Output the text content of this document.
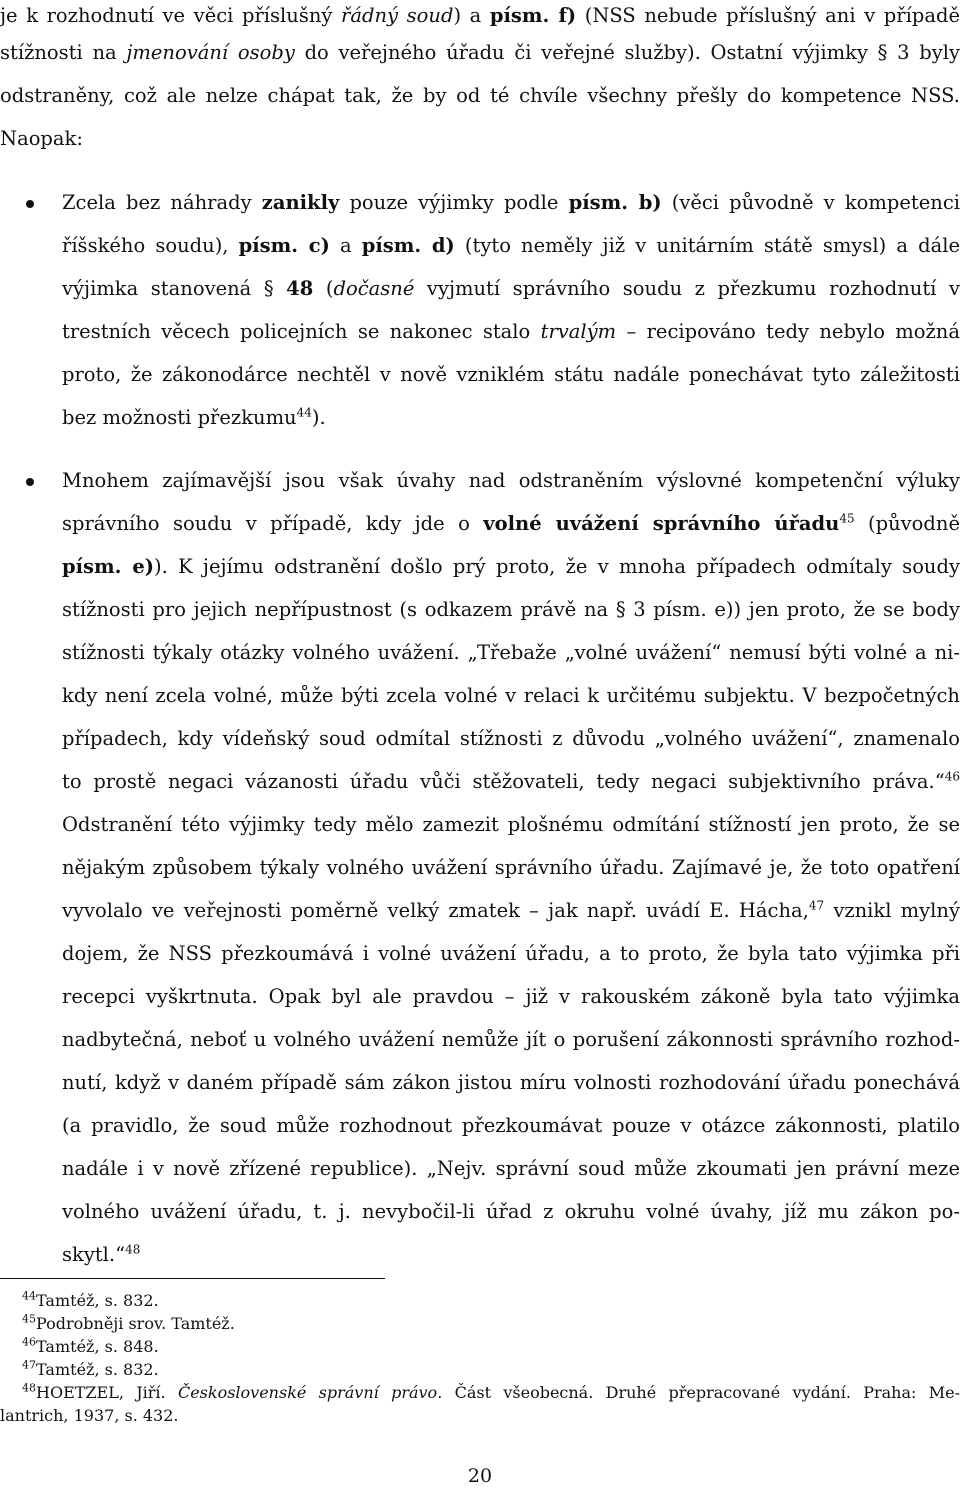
je k rozhodnutí ve věci příslušný řádný soud) a písm. f) (NSS nebude příslušný ani v případě
stížnosti na jmenování osoby do veřejného úřadu či veřejné služby). Ostatní výjimky § 3 byly
odstraněny, což ale nelze chápat tak, že by od té chvíle všechny přešly do kompetence NSS.
Naopak:
Zcela bez náhrady zanikly pouze výjimky podle písm. b) (věci původně v kompetenci
říšského soudu), písm. c) a písm. d) (tyto neměly již v unitárním státě smysl) a dále
výjimka stanovená § 48 (dočasné vyjmutí správního soudu z přezkumu rozhodnutí v
trestních věcech policejních se nakonec stalo trvalým – recipováno tedy nebylo možná
proto, že zákonodárce nechtěl v nově vzniklém státu nadále ponechávat tyto záležitosti
bez možnosti přezkumu$^{44}$).
Mnohem zajímavější jsou však úvahy nad odstraněním výslovné kompetenční výluky
správního soudu v případě, kdy jde o volné uvážení správního úřadu$^{45}$ (původně
písm. e)). K jejímu odstranění došlo prý proto, že v mnoha případech odmítaly soudy
stížnosti pro jejich nepřípustnost (s odkazem právě na § 3 písm. e)) jen proto, že se body
stížnosti týkaly otázky volného uvážení. „Třebaže „volné uvážení“ nemusí býti volné a ni-
kdy není zcela volné, může býti zcela volné v relaci k určitému subjektu. V bezpočetných
případech, kdy vídeňský soud odmítal stížnosti z důvodu „volného uvážení“, znamenalo
to prostě negaci vázanosti úřadu vůči stěžovateli, tedy negaci subjektivního práva.“$^{46}$
Odstranění této výjimky tedy mělo zamezit plošnému odmítání stížností jen proto, že se
nějakým způsobem týkaly volného uvážení správního úřadu. Zajímavé je, že toto opatření
vyvolalo ve veřejnosti poměrně velký zmatek – jak např. uvádí E. Hácha,$^{47}$ vznikl mylný
dojem, že NSS přezkoumává i volné uvážení úřadu, a to proto, že byla tato výjimka při
recepci vyškrtnuta. Opak byl ale pravdou – již v rakouském zákoně byla tato výjimka
nadbytečná, neboť u volného uvážení nemůže jít o porušení zákonnosti správního rozhod-
nutí, když v daném případě sám zákon jistou míru volnosti rozhodování úřadu ponechává
(a pravidlo, že soud může rozhodnout přezkoumávat pouze v otázce zákonnosti, platilo
nadále i v nově zřízené republice). „Nejv. správní soud může zkoumati jen právní meze
volného uvážení úřadu, t. j. nevybočil-li úřad z okruhu volné úvahy, jíž mu zákon po-
skytl.“$^{48}$
$^{44}$Tamtéž, s. 832.
$^{45}$Podrobněji srov. Tamtéž.
$^{46}$Tamtéž, s. 848.
$^{47}$Tamtéž, s. 832.
$^{48}$HOETZEL, Jiří. Československé správní právo. Část všeobecná. Druhé přepracované vydání. Praha: Me-
lantrich, 1937, s. 432.
20
